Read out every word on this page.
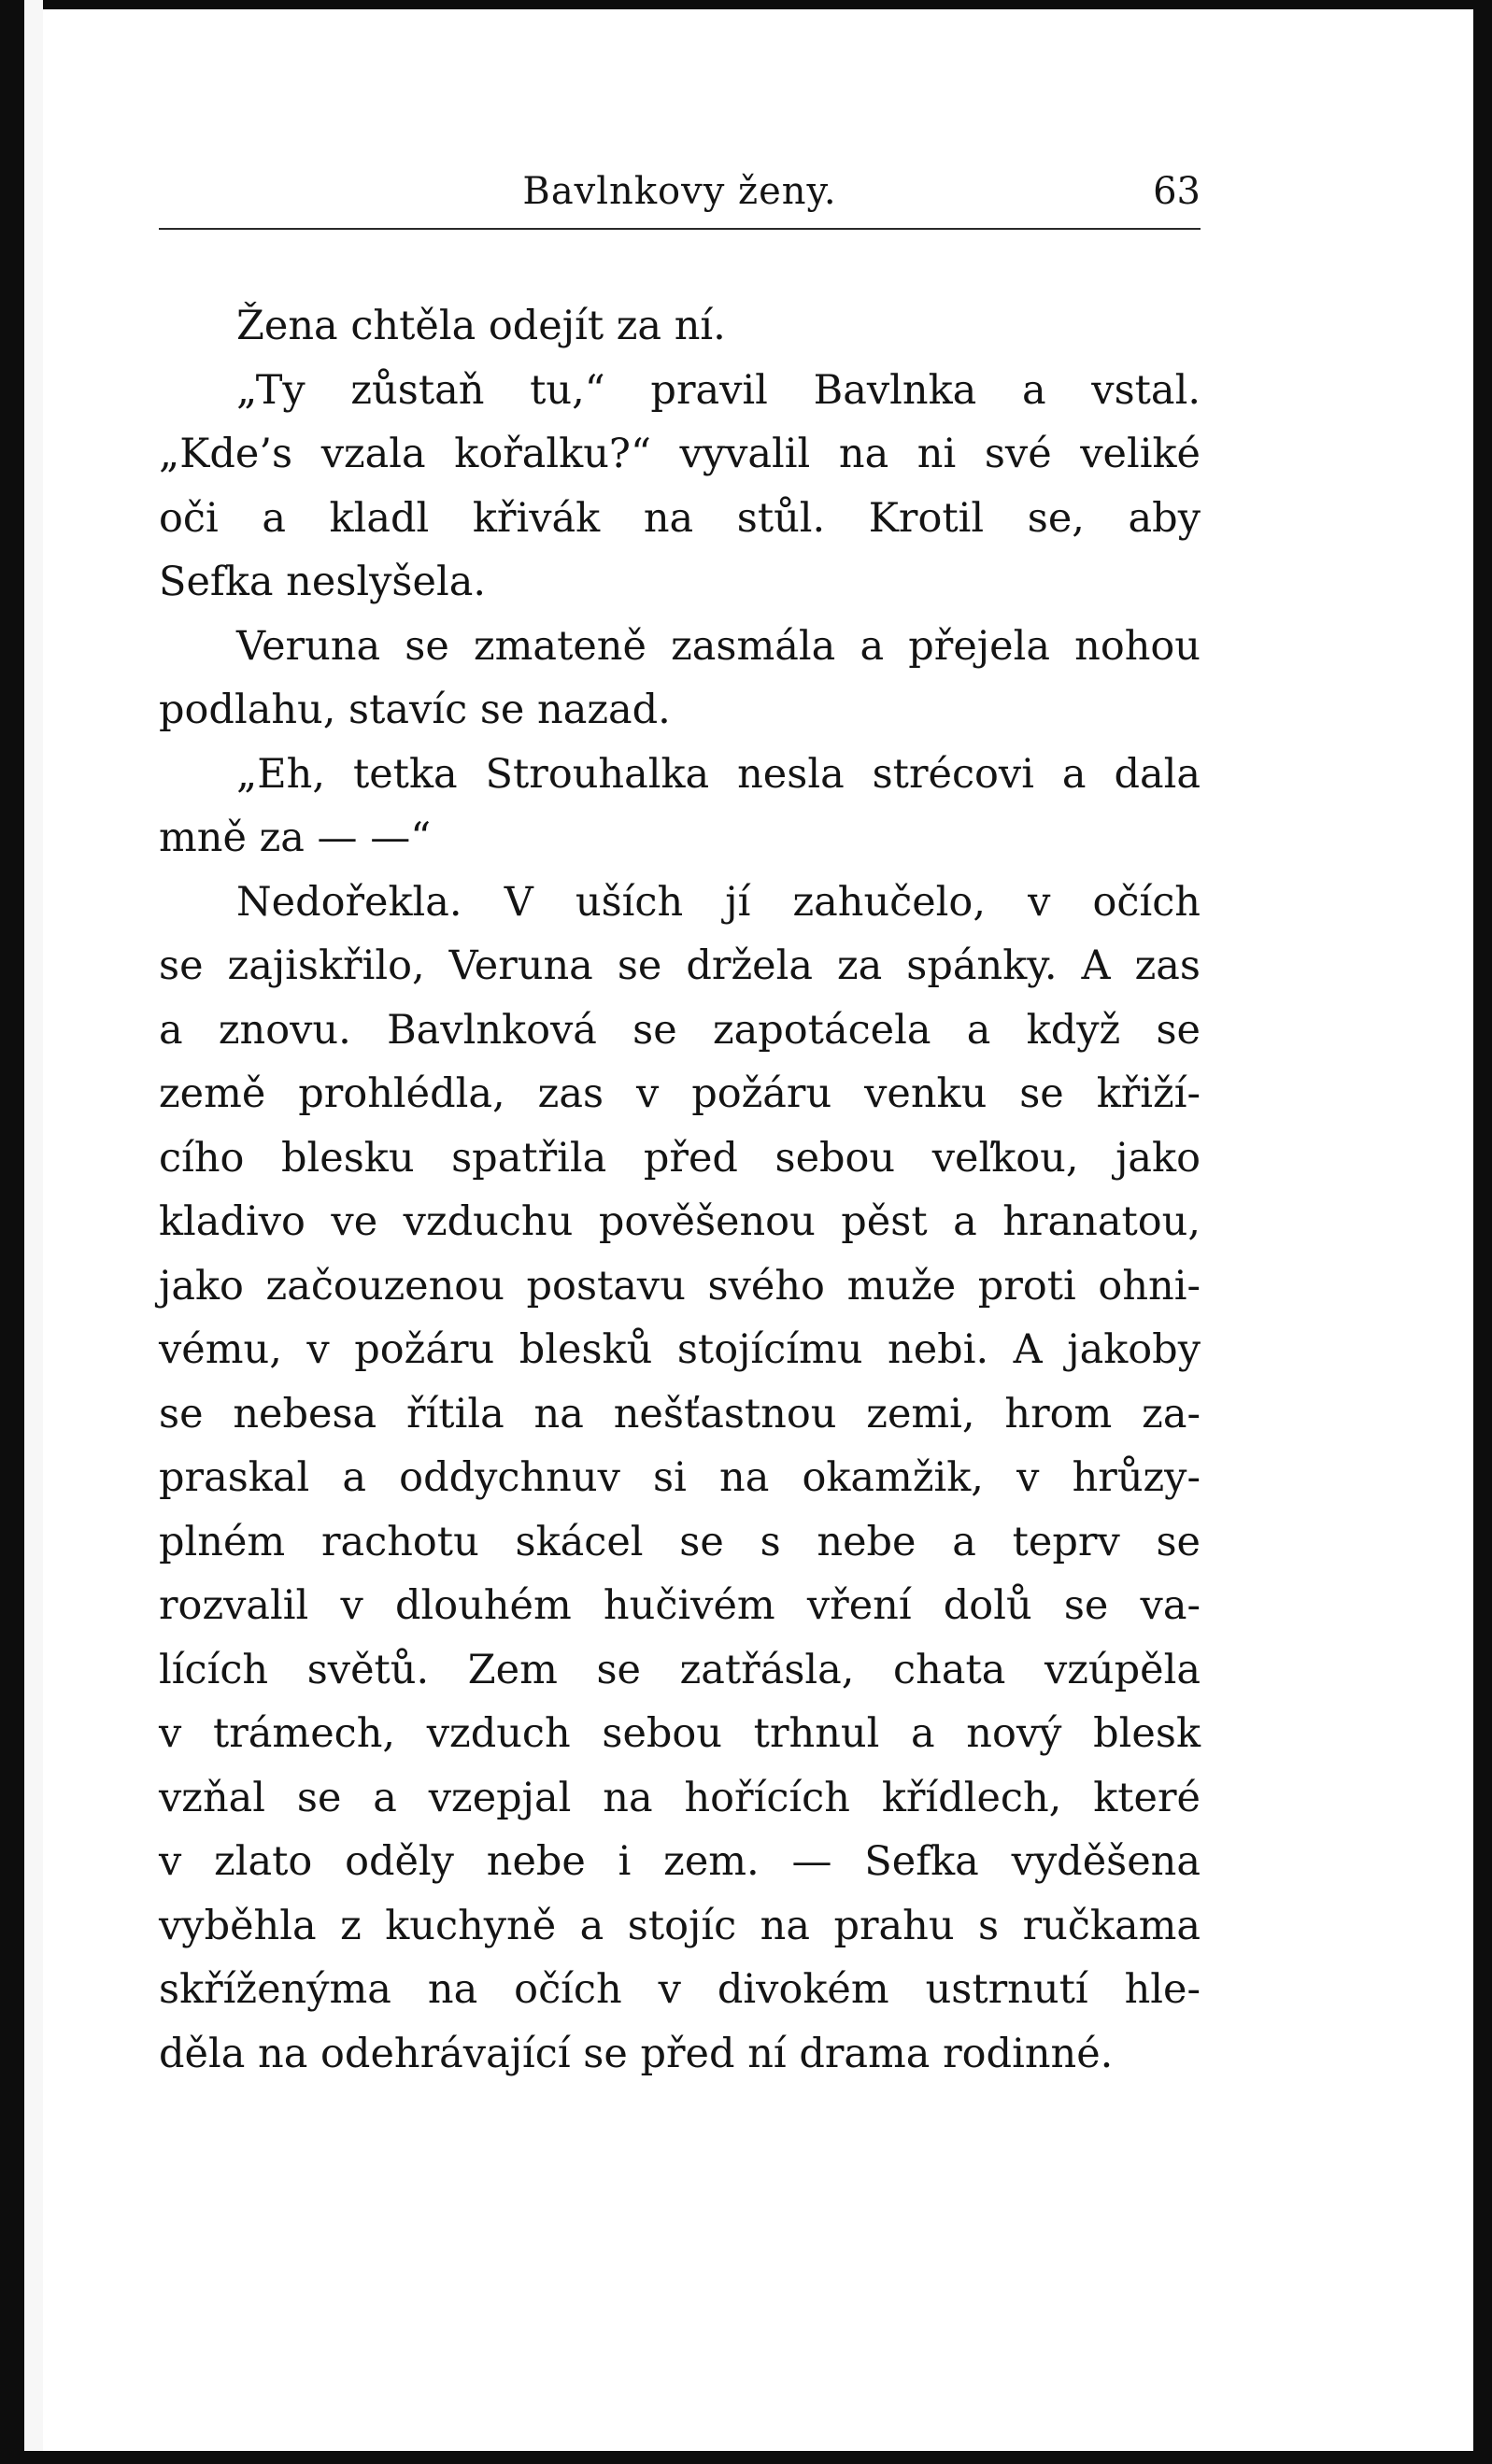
Bavlnkovy ženy.	63
Žena chtěla odejít za ní.
„Ty zůstaň tu,“ pravil Bavlnka a vstal.
„Kde’s vzala kořalku?“ vyvalil na ni své veliké
oči a kladl křivák na stůl. Krotil se, aby
Sefka neslyšela.
Veruna se zmateně zasmála a přejela nohou
podlahu, stavíc se nazad.
„Eh, tetka Strouhalka nesla strécovi a dala
mně za — —“
Nedořekla. V uších jí zahučelo, v očích
se zajiskřilo, Veruna se držela za spánky. A zas
a znovu. Bavlnková se zapotácela a když se
země prohlédla, zas v požáru venku se křiží-
cího blesku spatřila před sebou veľkou, jako
kladivo ve vzduchu pověšenou pěst a hranatou,
jako začouzenou postavu svého muže proti ohni-
vému, v požáru blesků stojícímu nebi. A jakoby
se nebesa řítila na nešťastnou zemi, hrom za-
praskal a oddychnuv si na okamžik, v hrůzy-
plném rachotu skácel se s nebe a teprv se
rozvalil v dlouhém hučivém vření dolů se va-
lících světů. Zem se zatřásla, chata vzúpěla
v trámech, vzduch sebou trhnul a nový blesk
vzňal se a vzepjal na hořících křídlech, které
v zlato oděly nebe i zem. — Sefka vyděšena
vyběhla z kuchyně a stojíc na prahu s ručkama
skříženýma na očích v divokém ustrnutí hle-
děla na odehrávající se před ní drama rodinné.
